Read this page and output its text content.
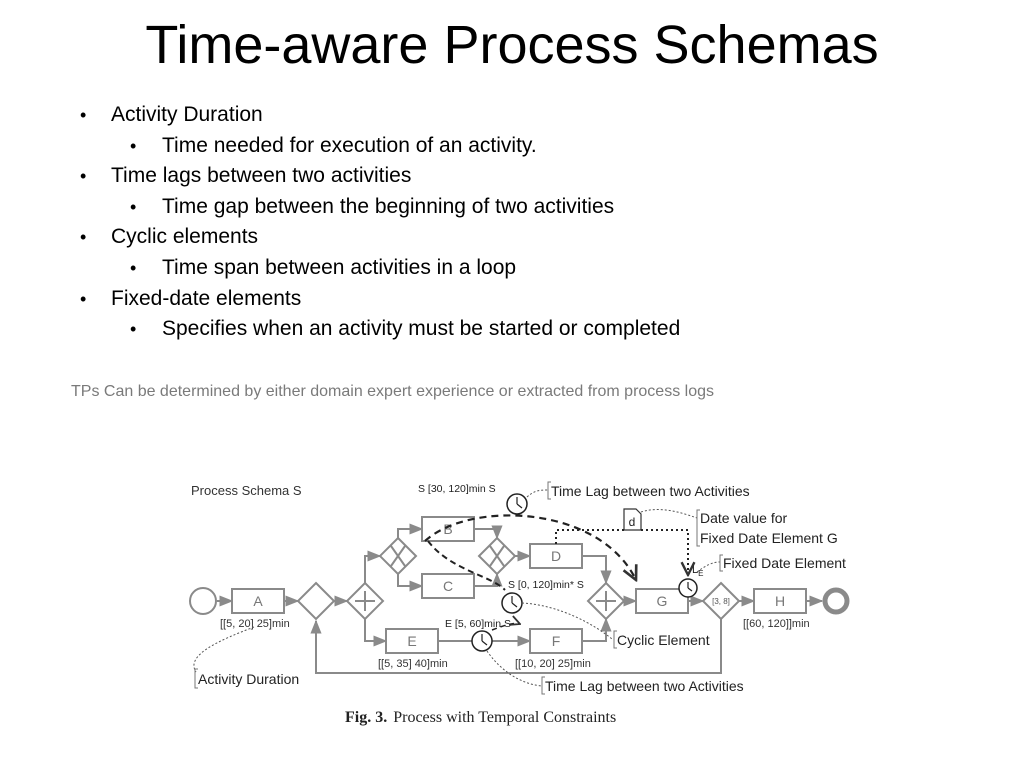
Time-aware Process Schemas
• Activity Duration
• Time needed for execution of an activity.
• Time lags between two activities
• Time gap between the beginning of two activities
• Cyclic elements
• Time span between activities in a loop
• Fixed-date elements
• Specifies when an activity must be started or completed
TPs Can be determined by either domain expert experience or extracted from process logs
Process Schema S
[3, 8]
A
B
C
D
E	F
G	H
[[5, 20] 25]min
[[5, 35] 40]min	[[10, 20] 25]min
[[60, 120]]min
S [30, 120]min S
S [0, 120]min* S
E [5, 60]min S
d
$L_E$
Time Lag between two Activities
Date value for
Fixed Date Element G
Fixed Date Element
Cyclic Element
Time Lag between two Activities
Activity Duration
Fig. 3. Process with Temporal Constraints
